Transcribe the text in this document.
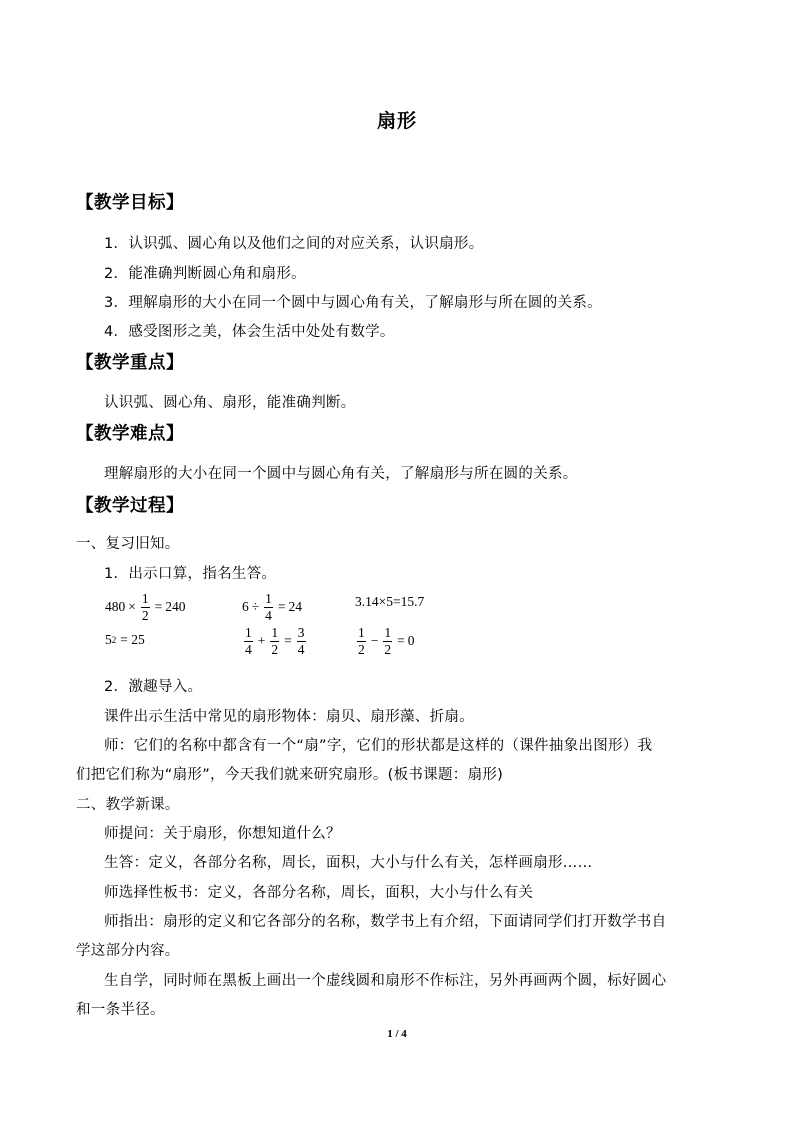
扇形
【教学目标】
1．认识弧、圆心角以及他们之间的对应关系，认识扇形。
2．能准确判断圆心角和扇形。
3．理解扇形的大小在同一个圆中与圆心角有关，了解扇形与所在圆的关系。
4．感受图形之美，体会生活中处处有数学。
【教学重点】
认识弧、圆心角、扇形，能准确判断。
【教学难点】
理解扇形的大小在同一个圆中与圆心角有关，了解扇形与所在圆的关系。
【教学过程】
一、复习旧知。
1．出示口算，指名生答。
$480 \times \frac{1}{2} = 240$	$6 \div \frac{1}{4} = 24$	3.14×5=15.7
5 2 = 25	$\frac{1}{4} + \frac{1}{2} = \frac{3}{4}$	$\frac{1}{2} - \frac{1}{2} = 0$
2．激趣导入。
课件出示生活中常见的扇形物体：扇贝、扇形藻、折扇。
师：它们的名称中都含有一个“扇”字，它们的形状都是这样的（课件抽象出图形）我
们把它们称为“扇形”，今天我们就来研究扇形。(板书课题：扇形)
二、教学新课。
师提问：关于扇形，你想知道什么？
生答：定义，各部分名称，周长，面积，大小与什么有关，怎样画扇形……
师选择性板书：定义，各部分名称，周长，面积，大小与什么有关
师指出：扇形的定义和它各部分的名称，数学书上有介绍，下面请同学们打开数学书自
学这部分内容。
生自学，同时师在黑板上画出一个虚线圆和扇形不作标注，另外再画两个圆，标好圆心
和一条半径。
1 / 4
